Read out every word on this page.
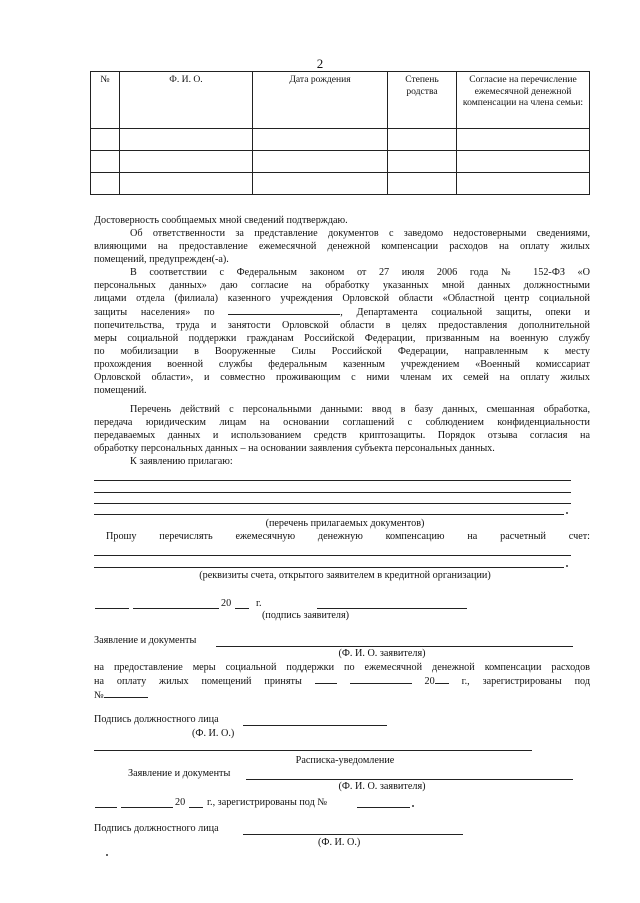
2
№	Ф. И. О.	Дата рождения	Степень родства	Согласие на перечисление ежемесячной денежной компенсации на члена семьи:

Достоверность сообщаемых мной сведений подтверждаю.
Об ответственности за представление документов с заведомо недостоверными сведениями,
влияющими на предоставление ежемесячной денежной компенсации расходов на оплату жилых
помещений, предупрежден(-а).
В соответствии с Федеральным законом от 27 июля 2006 года № 152-ФЗ «О
персональных данных» даю согласие на обработку указанных мной данных должностными
лицами отдела (филиала) казенного учреждения Орловской области «Областной центр социальной
защиты населения» по	, Департамента социальной защиты, опеки и
попечительства, труда и занятости Орловской области в целях предоставления дополнительной
меры социальной поддержки гражданам Российской Федерации, призванным на военную службу
по мобилизации в Вооруженные Силы Российской Федерации, направленным к месту
прохождения военной службы федеральным казенным учреждением «Военный комиссариат
Орловской области», и совместно проживающим с ними членам их семей на оплату жилых
помещений.
Перечень действий с персональными данными: ввод в базу данных, смешанная обработка,
передача юридическим лицам на основании соглашений с соблюдением конфиденциальности
передаваемых данных и использованием средств криптозащиты. Порядок отзыва согласия на
обработку персональных данных – на основании заявления субъекта персональных данных.
К заявлению прилагаю:
(перечень прилагаемых документов)
Прошу перечислять ежемесячную денежную компенсацию на расчетный счет:
(реквизиты счета, открытого заявителем в кредитной организации)
20 г.
(подпись заявителя)
Заявление и документы
(Ф. И. О. заявителя)
на предоставление меры социальной поддержки по ежемесячной денежной компенсации расходов
на оплату жилых помещений приняты	20	г., зарегистрированы под
№
Подпись должностного лица
(Ф. И. О.)
Расписка-уведомление
Заявление и документы
(Ф. И. О. заявителя)
20 г., зарегистрированы под №
Подпись должностного лица
(Ф. И. О.)
